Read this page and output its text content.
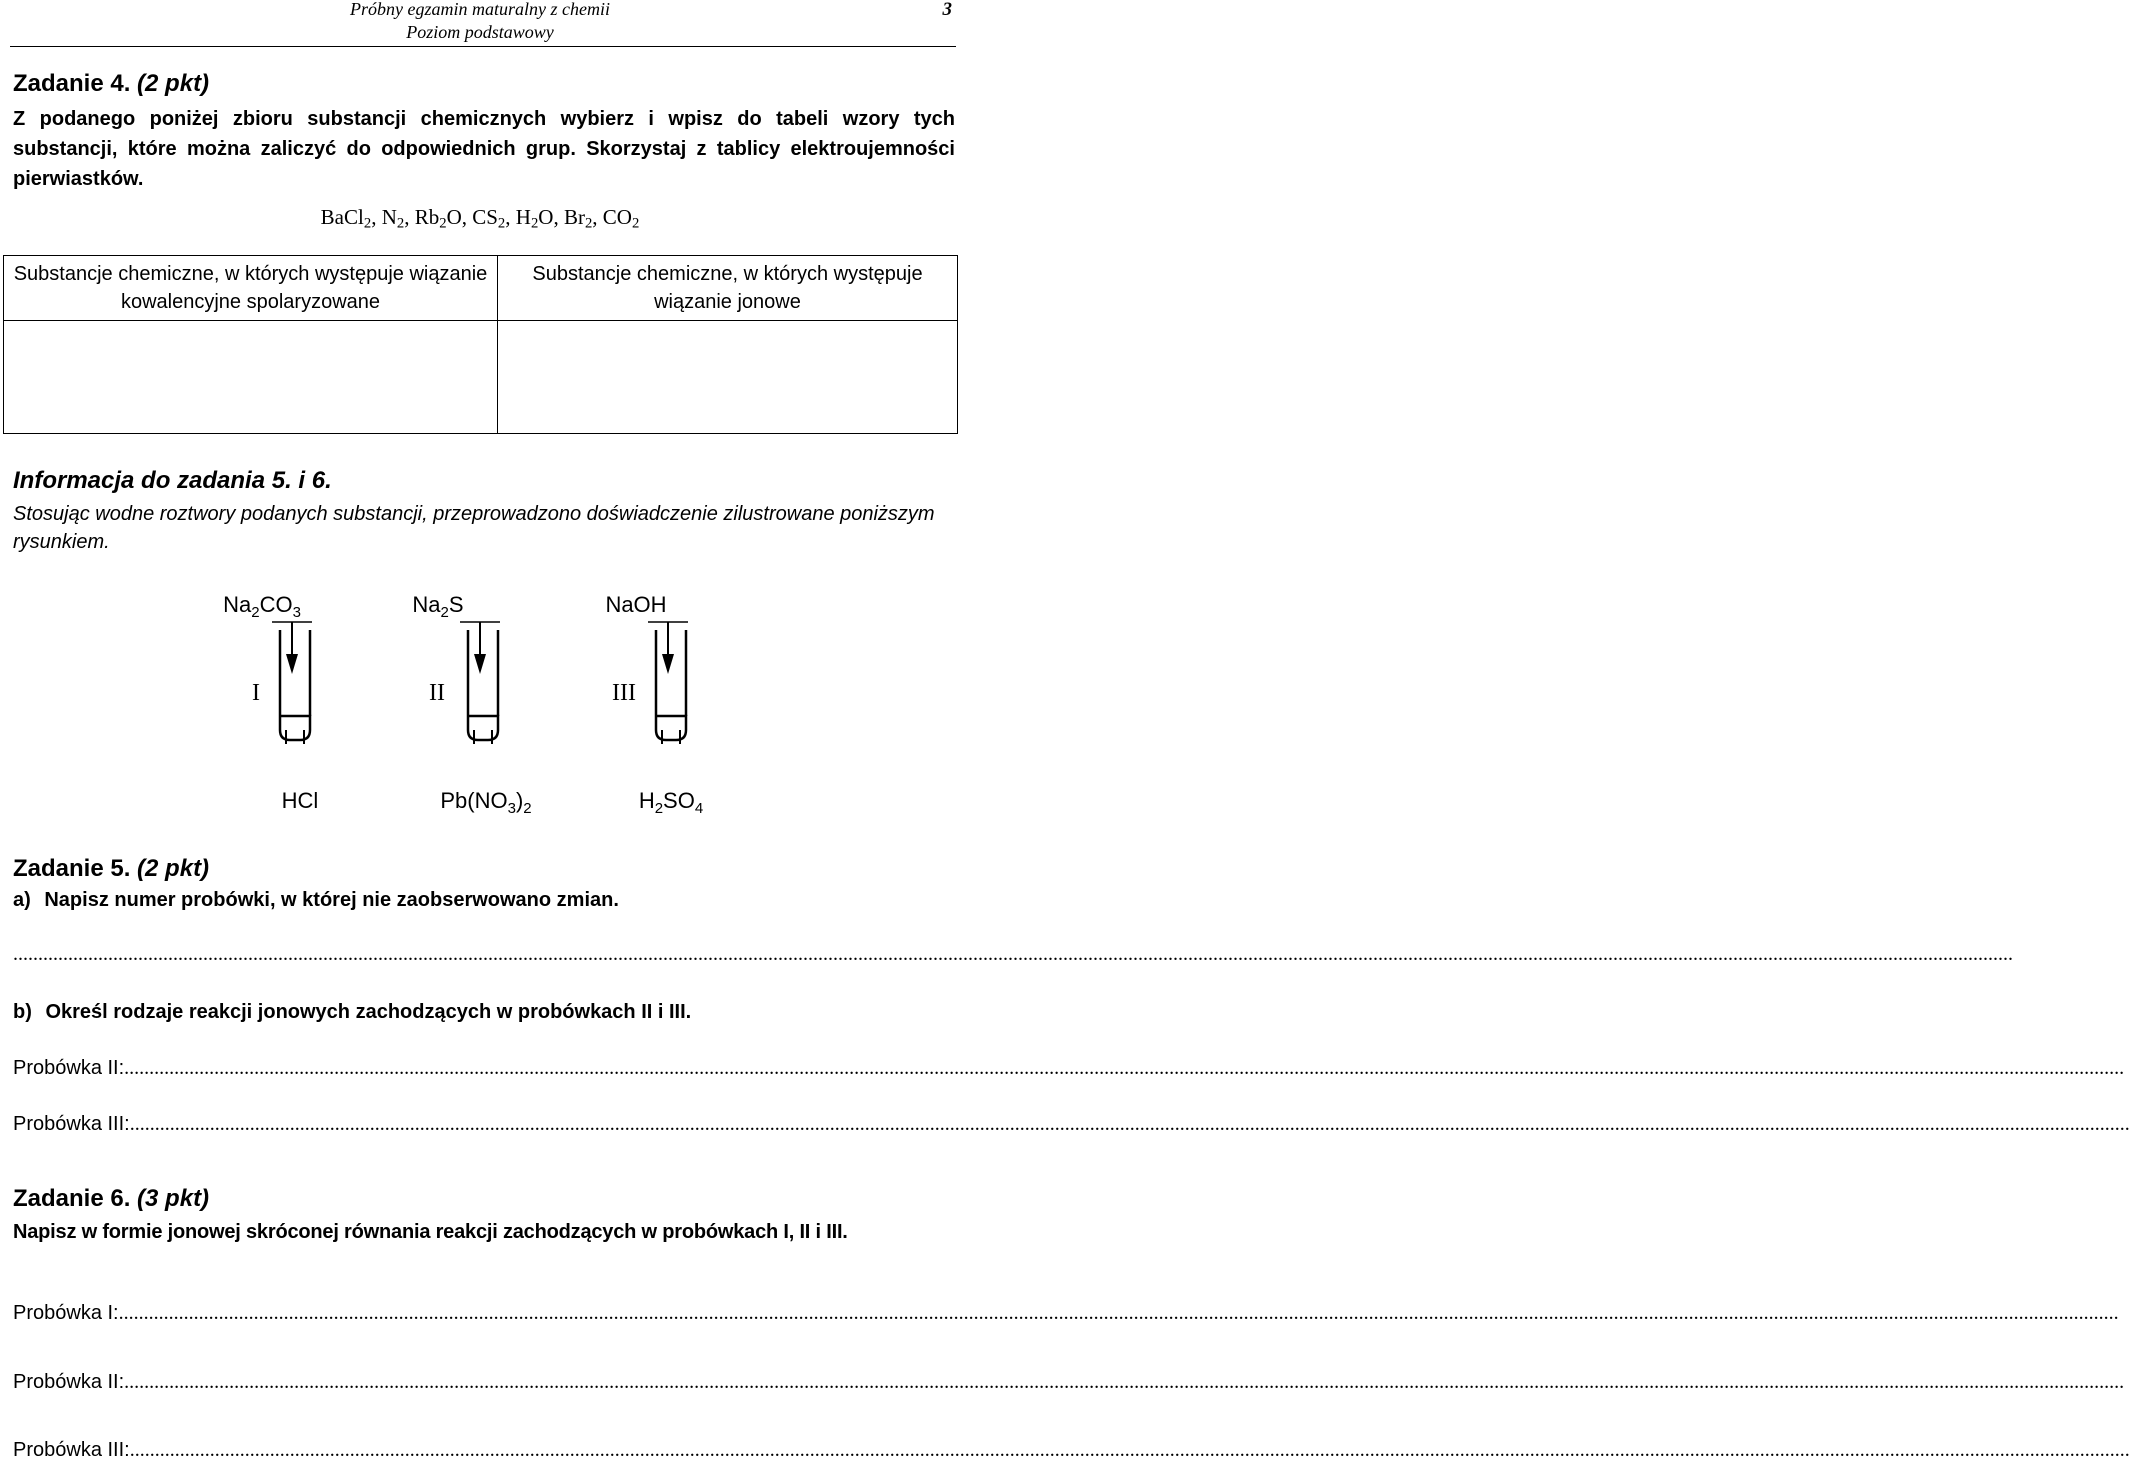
Próbny egzamin maturalny z chemii
Poziom podstawowy
3
Zadanie 4. (2 pkt)
Z podanego poniżej zbioru substancji chemicznych wybierz i wpisz do tabeli wzory tych substancji, które można zaliczyć do odpowiednich grup. Skorzystaj z tablicy elektroujemności pierwiastków.
BaCl$_2$, $N_2$, $Rb_2O$, $CS_2$, $H_2O$, $Br_2$, $CO_2$
Substancje chemiczne, w których występuje wiązanie kowalencyjne spolaryzowane	Substancje chemiczne, w których występuje wiązanie jonowe

Informacja do zadania 5. i 6.
Stosując wodne roztwory podanych substancji, przeprowadzono doświadczenie zilustrowane poniższym rysunkiem.
$Na_2CO_3$
I
HCl
$Na_2S$
II
$Pb(NO_3)_2$
NaOH
III
$H_2SO_4$
Zadanie 5. (2 pkt)
a) Napisz numer probówki, w której nie zaobserwowano zmian.
................................................................................................................................................................................................................................................................................................................................................................................................................
b) Określ rodzaje reakcji jonowych zachodzących w probówkach II i III.
Probówka II:................................................................................................................................................................................................................................................................................................................................................................................................................
Probówka III:................................................................................................................................................................................................................................................................................................................................................................................................................
Zadanie 6. (3 pkt)
Napisz w formie jonowej skróconej równania reakcji zachodzących w probówkach I, II i III.
Probówka I:................................................................................................................................................................................................................................................................................................................................................................................................................
Probówka II:................................................................................................................................................................................................................................................................................................................................................................................................................
Probówka III:................................................................................................................................................................................................................................................................................................................................................................................................................
